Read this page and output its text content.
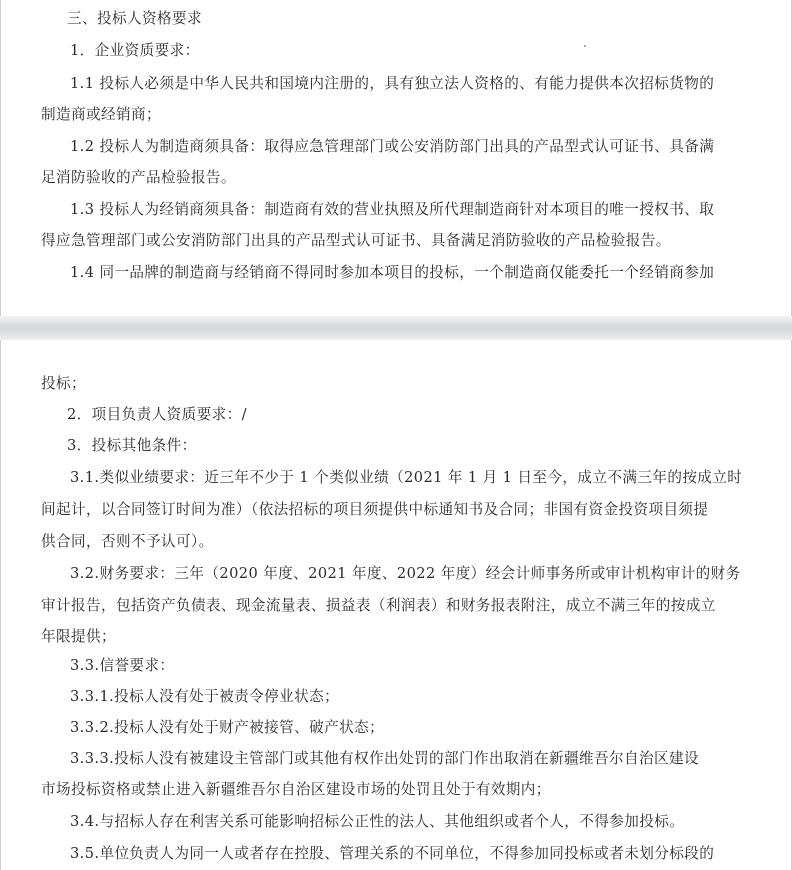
三、投标人资格要求
1．企业资质要求：
1.1 投标人必须是中华人民共和国境内注册的，具有独立法人资格的、有能力提供本次招标货物的
制造商或经销商；
1.2 投标人为制造商须具备：取得应急管理部门或公安消防部门出具的产品型式认可证书、具备满
足消防验收的产品检验报告。
1.3 投标人为经销商须具备：制造商有效的营业执照及所代理制造商针对本项目的唯一授权书、取
得应急管理部门或公安消防部门出具的产品型式认可证书、具备满足消防验收的产品检验报告。
1.4 同一品牌的制造商与经销商不得同时参加本项目的投标，一个制造商仅能委托一个经销商参加
投标；
2．项目负责人资质要求：/
3．投标其他条件：
3.1.类似业绩要求：近三年不少于 1 个类似业绩（2021 年 1 月 1 日至今，成立不满三年的按成立时
间起计，以合同签订时间为准）（依法招标的项目须提供中标通知书及合同；非国有资金投资项目须提
供合同，否则不予认可）。
3.2.财务要求：三年（2020 年度、2021 年度、2022 年度）经会计师事务所或审计机构审计的财务
审计报告，包括资产负债表、现金流量表、损益表（利润表）和财务报表附注，成立不满三年的按成立
年限提供；
3.3.信誉要求：
3.3.1.投标人没有处于被责令停业状态；
3.3.2.投标人没有处于财产被接管、破产状态；
3.3.3.投标人没有被建设主管部门或其他有权作出处罚的部门作出取消在新疆维吾尔自治区建设
市场投标资格或禁止进入新疆维吾尔自治区建设市场的处罚且处于有效期内；
3.4.与招标人存在利害关系可能影响招标公正性的法人、其他组织或者个人，不得参加投标。
3.5.单位负责人为同一人或者存在控股、管理关系的不同单位，不得参加同投标或者未划分标段的
